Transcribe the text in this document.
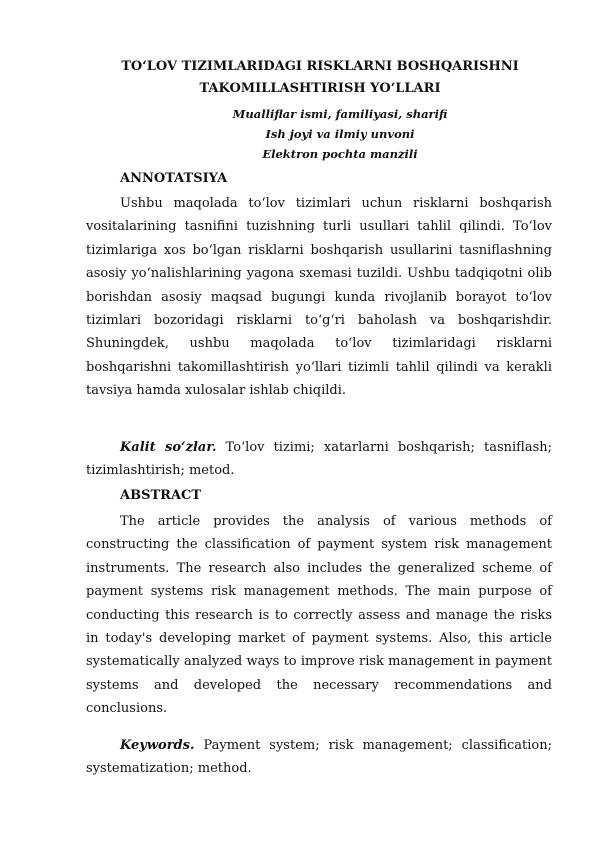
TO‘LOV TIZIMLARIDAGI RISKLARNI BOSHQARISHNI
TAKOMILLASHTIRISH YO‘LLARI
Mualliflar ismi, familiyasi, sharifi
Ish joyi va ilmiy unvoni
Elektron pochta manzili
ANNOTATSIYA
Ushbu maqolada to‘lov tizimlari uchun risklarni boshqarish vositalarining tasnifini tuzishning turli usullari tahlil qilindi. To‘lov tizimlariga xos bo‘lgan risklarni boshqarish usullarini tasniflashning asosiy yo‘nalishlarining yagona sxemasi tuzildi. Ushbu tadqiqotni olib borishdan asosiy maqsad bugungi kunda rivojlanib borayot to‘lov tizimlari bozoridagi risklarni to‘g‘ri baholash va boshqarishdir. Shuningdek, ushbu maqolada to‘lov tizimlaridagi risklarni boshqarishni takomillashtirish yo‘llari tizimli tahlil qilindi va kerakli tavsiya hamda xulosalar ishlab chiqildi.
Kalit so‘zlar. To‘lov tizimi; xatarlarni boshqarish; tasniflash; tizimlashtirish; metod.
ABSTRACT
The article provides the analysis of various methods of constructing the classification of payment system risk management instruments. The research also includes the generalized scheme of payment systems risk management methods. The main purpose of conducting this research is to correctly assess and manage the risks in today's developing market of payment systems. Also, this article systematically analyzed ways to improve risk management in payment systems and developed the necessary recommendations and conclusions.
Keywords. Payment system; risk management; classification; systematization; method.
